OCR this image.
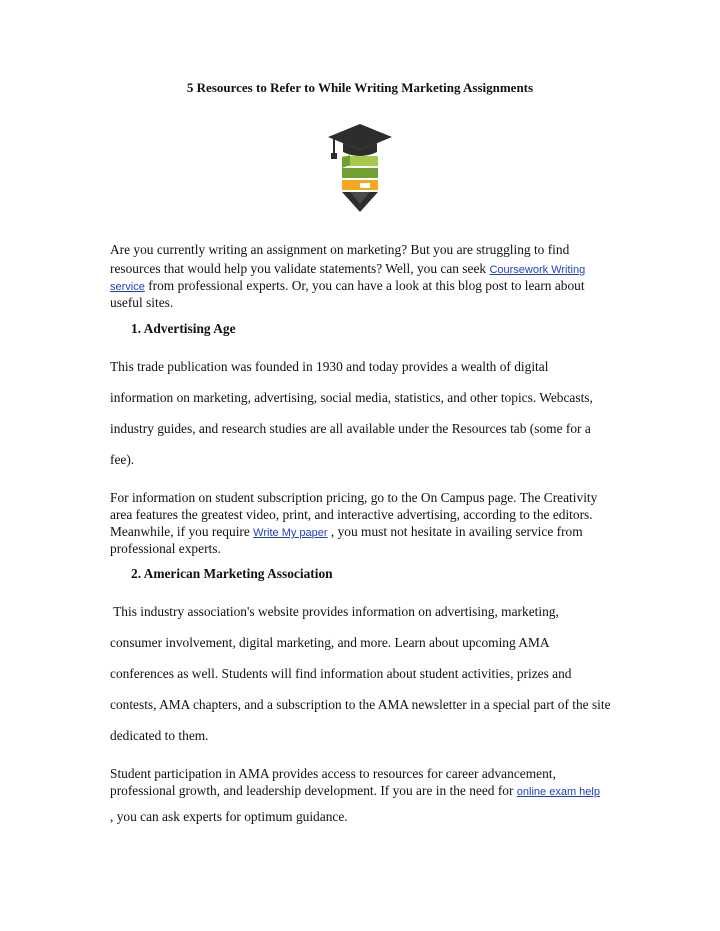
5 Resources to Refer to While Writing Marketing Assignments
Are you currently writing an assignment on marketing? But you are struggling to find
resources that would help you validate statements? Well, you can seek Coursework Writing
service from professional experts. Or, you can have a look at this blog post to learn about
useful sites.
1. Advertising Age
This trade publication was founded in 1930 and today provides a wealth of digital
information on marketing, advertising, social media, statistics, and other topics. Webcasts,
industry guides, and research studies are all available under the Resources tab (some for a
fee).
For information on student subscription pricing, go to the On Campus page. The Creativity
area features the greatest video, print, and interactive advertising, according to the editors.
Meanwhile, if you require Write My paper , you must not hesitate in availing service from
professional experts.
2. American Marketing Association
This industry association's website provides information on advertising, marketing,
consumer involvement, digital marketing, and more. Learn about upcoming AMA
conferences as well. Students will find information about student activities, prizes and
contests, AMA chapters, and a subscription to the AMA newsletter in a special part of the site
dedicated to them.
Student participation in AMA provides access to resources for career advancement,
professional growth, and leadership development. If you are in the need for online exam help
, you can ask experts for optimum guidance.
